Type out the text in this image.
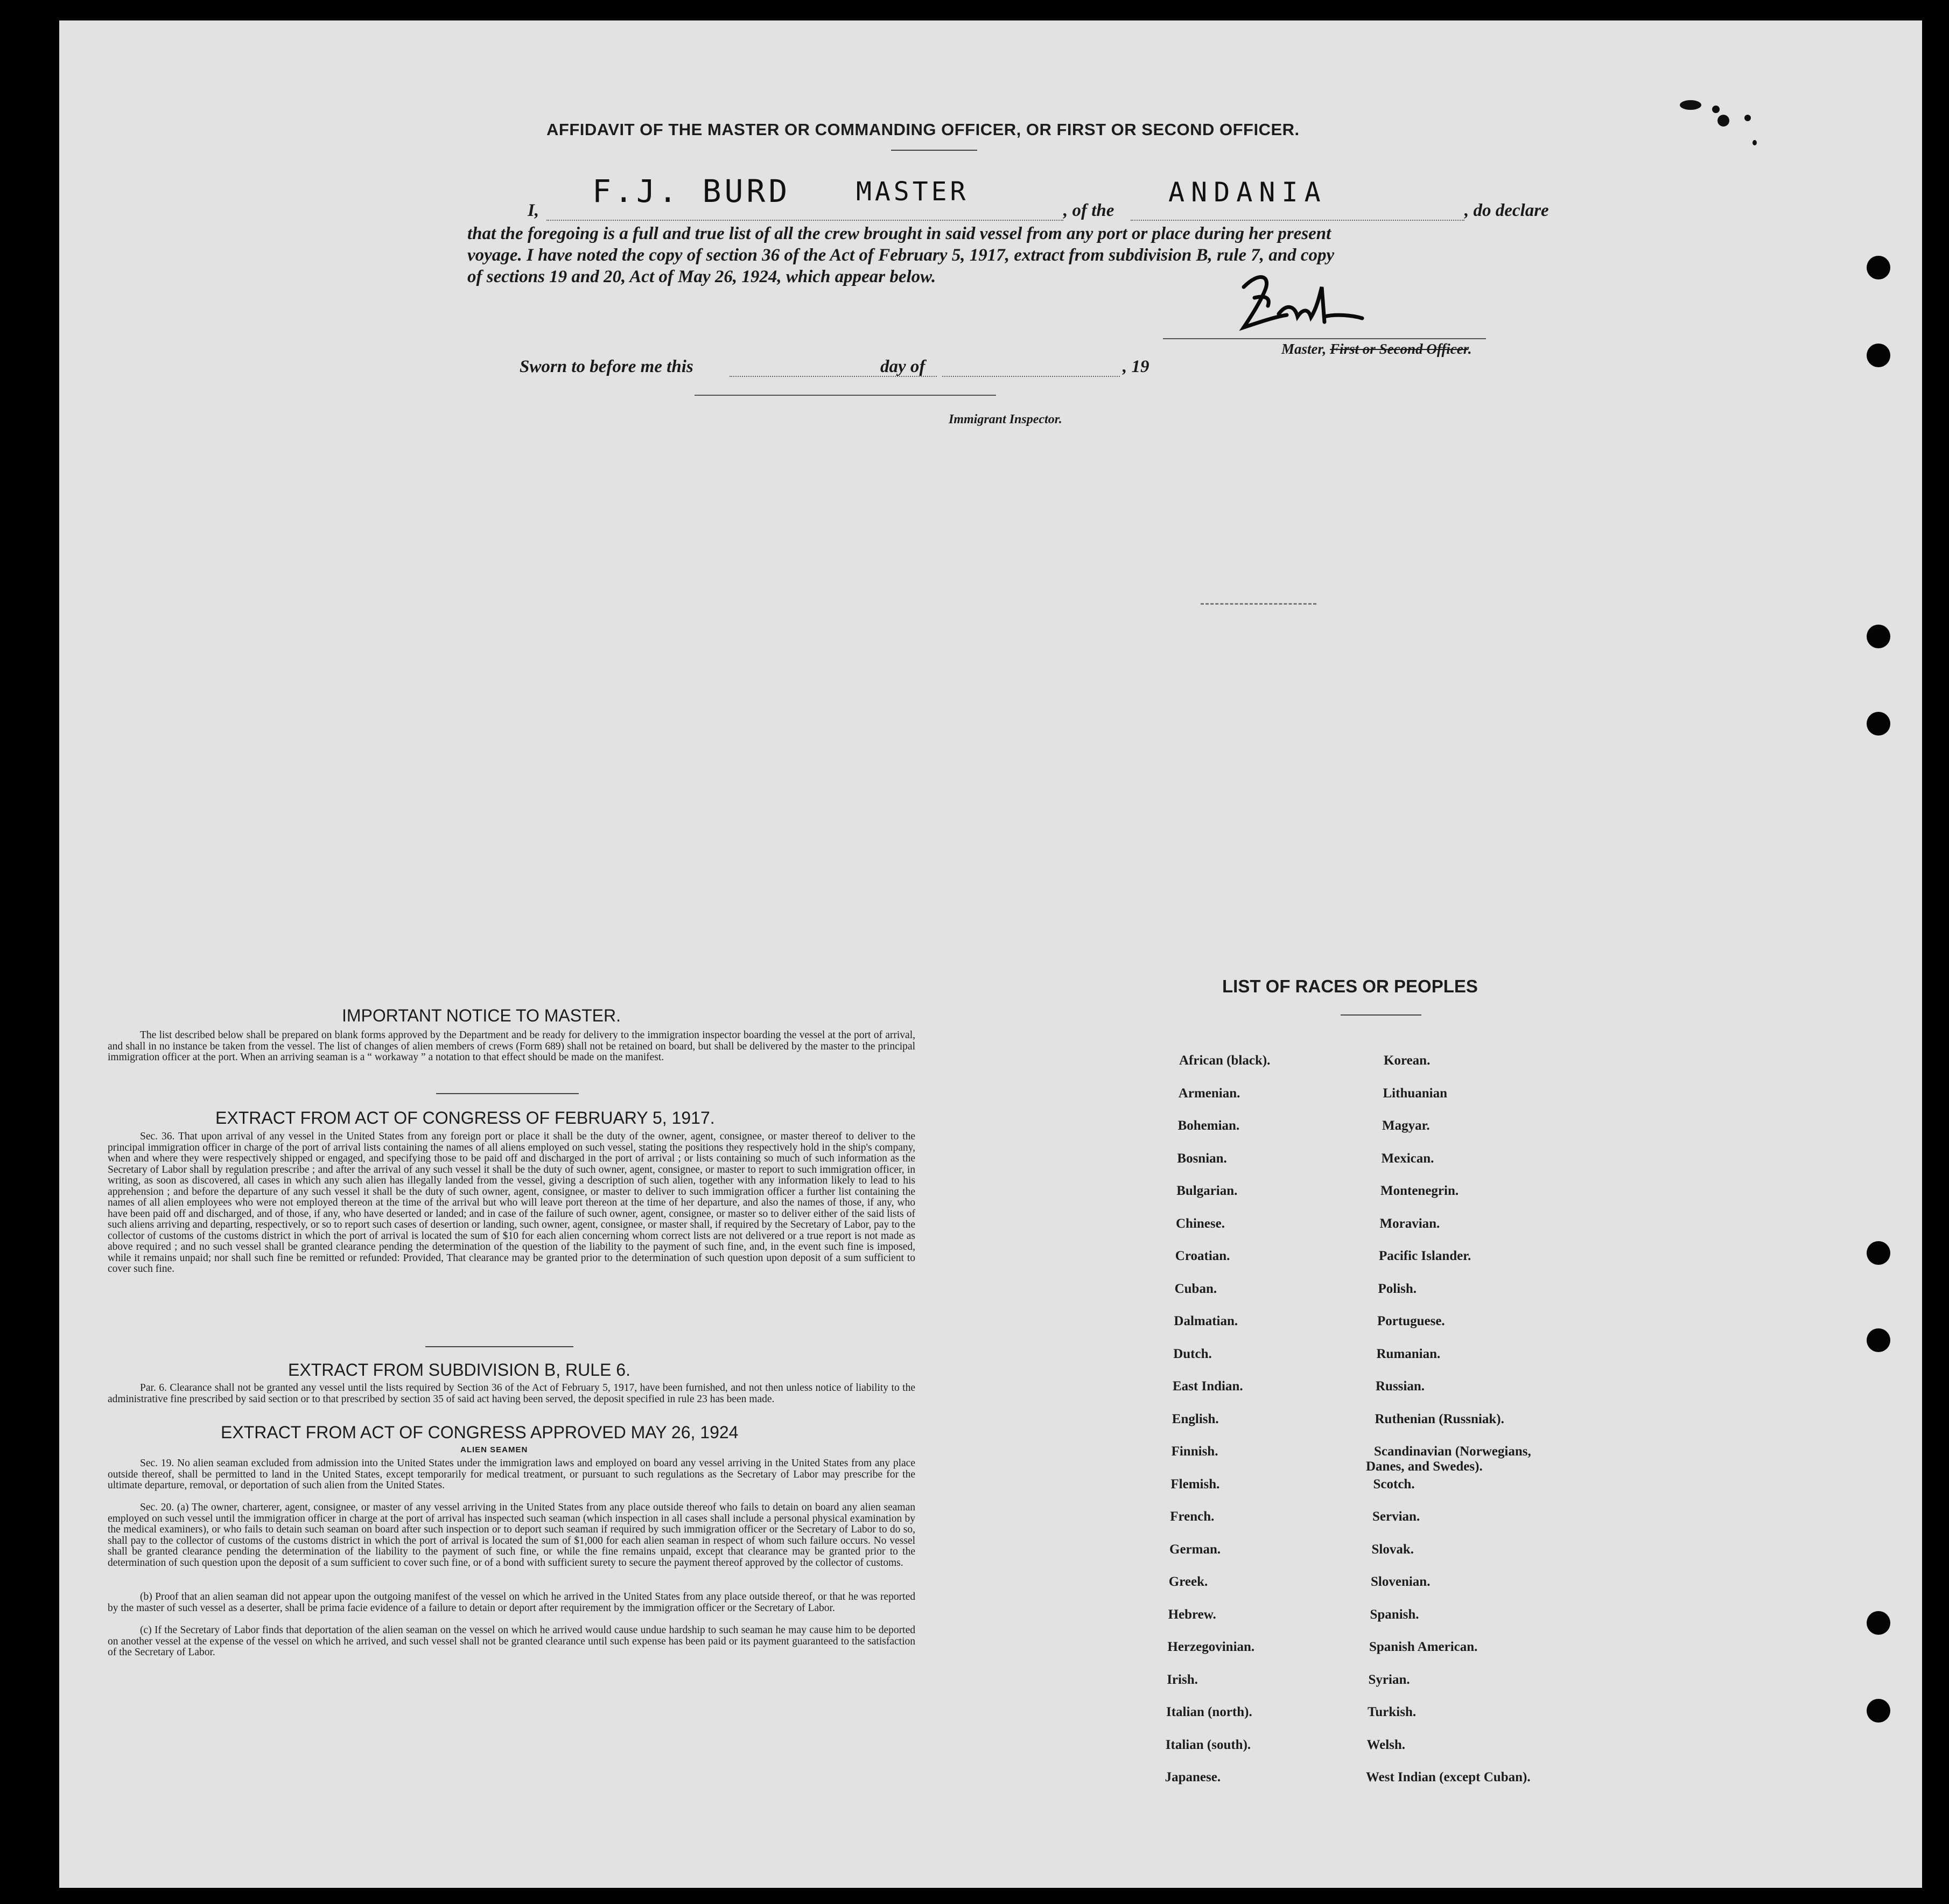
AFFIDAVIT OF THE MASTER OR COMMANDING OFFICER, OR FIRST OR SECOND OFFICER.
I,
F.J. BURD	MASTER
, of the
ANDANIA
, do declare
that the foregoing is a full and true list of all the crew brought in said vessel from any port or place during her present
voyage. I have noted the copy of section 36 of the Act of February 5, 1917, extract from subdivision B, rule 7, and copy
of sections 19 and 20, Act of May 26, 1924, which appear below.
Master, First or Second Officer.
Sworn to before me this	day of	, 19
Immigrant Inspector.
IMPORTANT NOTICE TO MASTER.
The list described below shall be prepared on blank forms approved by the Department and be ready for delivery to the immigration inspector boarding the vessel at the port of arrival, and shall in no instance be taken from the vessel. The list of changes of alien members of crews (Form 689) shall not be retained on board, but shall be delivered by the master to the principal immigration officer at the port. When an arriving seaman is a “ workaway ” a notation to that effect should be made on the manifest.
EXTRACT FROM ACT OF CONGRESS OF FEBRUARY 5, 1917.
Sec. 36. That upon arrival of any vessel in the United States from any foreign port or place it shall be the duty of the owner, agent, consignee, or master thereof to deliver to the principal immigration officer in charge of the port of arrival lists containing the names of all aliens employed on such vessel, stating the positions they respectively hold in the ship's company, when and where they were respectively shipped or engaged, and specifying those to be paid off and discharged in the port of arrival ; or lists containing so much of such information as the Secretary of Labor shall by regulation prescribe ; and after the arrival of any such vessel it shall be the duty of such owner, agent, consignee, or master to report to such immigration officer, in writing, as soon as discovered, all cases in which any such alien has illegally landed from the vessel, giving a description of such alien, together with any information likely to lead to his apprehension ; and before the departure of any such vessel it shall be the duty of such owner, agent, consignee, or master to deliver to such immigration officer a further list containing the names of all alien employees who were not employed thereon at the time of the arrival but who will leave port thereon at the time of her departure, and also the names of those, if any, who have been paid off and discharged, and of those, if any, who have deserted or landed; and in case of the failure of such owner, agent, consignee, or master so to deliver either of the said lists of such aliens arriving and departing, respectively, or so to report such cases of desertion or landing, such owner, agent, consignee, or master shall, if required by the Secretary of Labor, pay to the collector of customs of the customs district in which the port of arrival is located the sum of $10 for each alien concerning whom correct lists are not delivered or a true report is not made as above required ; and no such vessel shall be granted clearance pending the determination of the question of the liability to the payment of such fine, and, in the event such fine is imposed, while it remains unpaid; nor shall such fine be remitted or refunded: Provided, That clearance may be granted prior to the determination of such question upon deposit of a sum sufficient to cover such fine.
EXTRACT FROM SUBDIVISION B, RULE 6.
Par. 6. Clearance shall not be granted any vessel until the lists required by Section 36 of the Act of February 5, 1917, have been furnished, and not then unless notice of liability to the administrative fine prescribed by said section or to that prescribed by section 35 of said act having been served, the deposit specified in rule 23 has been made.
EXTRACT FROM ACT OF CONGRESS APPROVED MAY 26, 1924
ALIEN SEAMEN
Sec. 19. No alien seaman excluded from admission into the United States under the immigration laws and employed on board any vessel arriving in the United States from any place outside thereof, shall be permitted to land in the United States, except temporarily for medical treatment, or pursuant to such regulations as the Secretary of Labor may prescribe for the ultimate departure, removal, or deportation of such alien from the United States.
Sec. 20. (a) The owner, charterer, agent, consignee, or master of any vessel arriving in the United States from any place outside thereof who fails to detain on board any alien seaman employed on such vessel until the immigration officer in charge at the port of arrival has inspected such seaman (which inspection in all cases shall include a personal physical examination by the medical examiners), or who fails to detain such seaman on board after such inspection or to deport such seaman if required by such immigration officer or the Secretary of Labor to do so, shall pay to the collector of customs of the customs district in which the port of arrival is located the sum of $1,000 for each alien seaman in respect of whom such failure occurs. No vessel shall be granted clearance pending the determination of the liability to the payment of such fine, or while the fine remains unpaid, except that clearance may be granted prior to the determination of such question upon the deposit of a sum sufficient to cover such fine, or of a bond with sufficient surety to secure the payment thereof approved by the collector of customs.
(b) Proof that an alien seaman did not appear upon the outgoing manifest of the vessel on which he arrived in the United States from any place outside thereof, or that he was reported by the master of such vessel as a deserter, shall be prima facie evidence of a failure to detain or deport after requirement by the immigration officer or the Secretary of Labor.
(c) If the Secretary of Labor finds that deportation of the alien seaman on the vessel on which he arrived would cause undue hardship to such seaman he may cause him to be deported on another vessel at the expense of the vessel on which he arrived, and such vessel shall not be granted clearance until such expense has been paid or its payment guaranteed to the satisfaction of the Secretary of Labor.
LIST OF RACES OR PEOPLES
African (black).
Armenian.
Bohemian.
Bosnian.
Bulgarian.
Chinese.
Croatian.
Cuban.
Dalmatian.
Dutch.
East Indian.
English.
Finnish.
Flemish.
French.
German.
Greek.
Hebrew.
Herzegovinian.
Irish.
Italian (north).
Italian (south).
Japanese.
Korean.
Lithuanian
Magyar.
Mexican.
Montenegrin.
Moravian.
Pacific Islander.
Polish.
Portuguese.
Rumanian.
Russian.
Ruthenian (Russniak).
Scandinavian (Norwegians,
Danes, and Swedes).
Scotch.
Servian.
Slovak.
Slovenian.
Spanish.
Spanish American.
Syrian.
Turkish.
Welsh.
West Indian (except Cuban).
